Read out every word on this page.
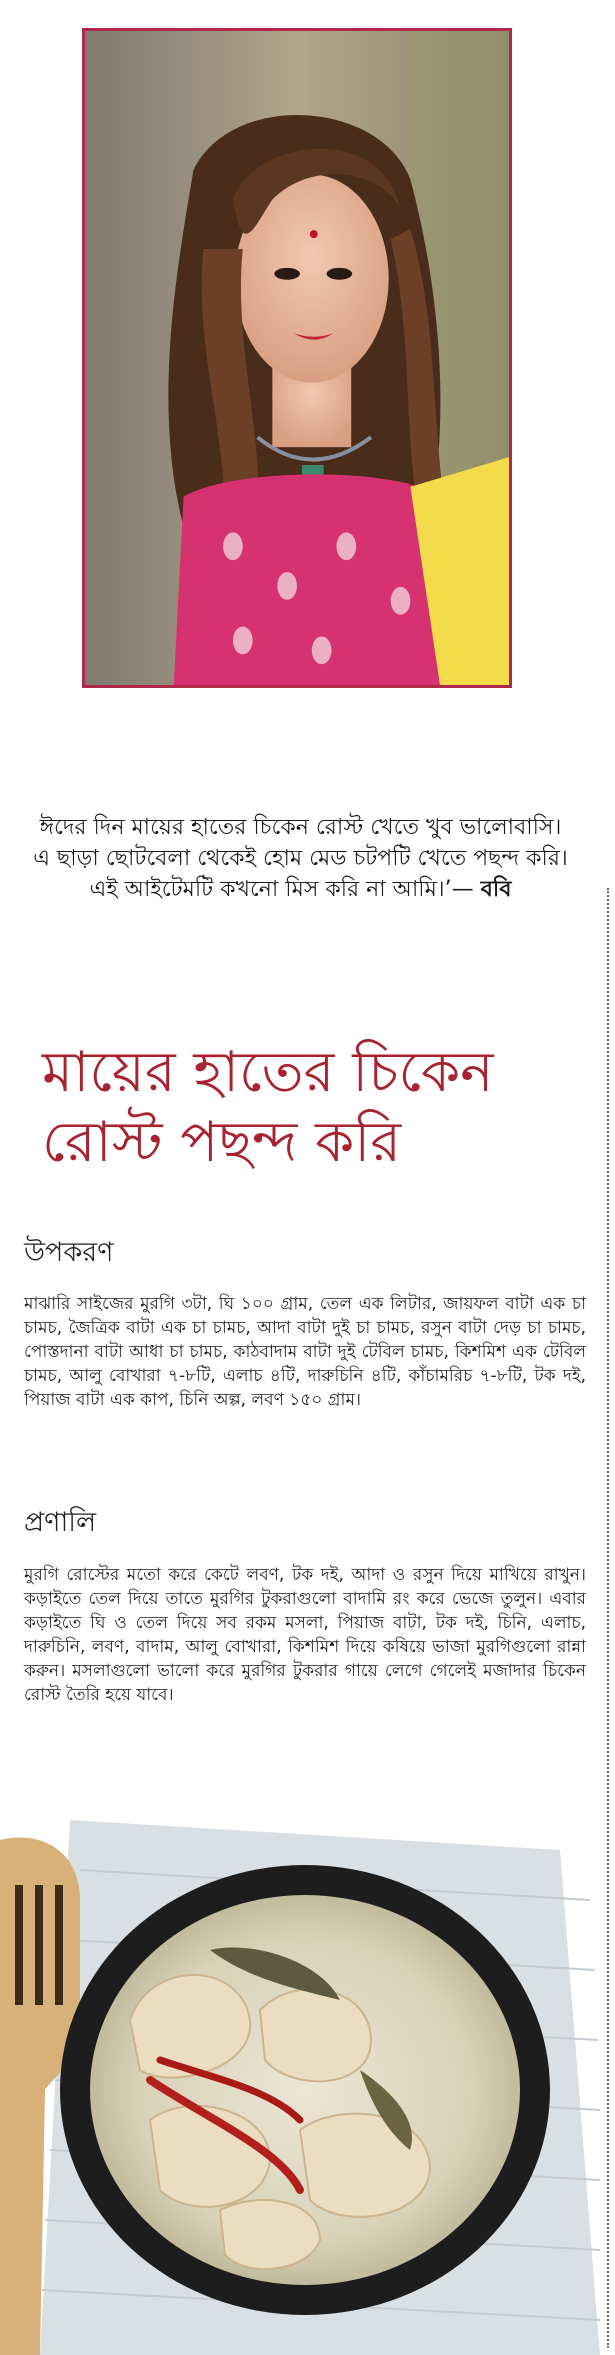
ঈদের দিন মায়ের হাতের চিকেন রোস্ট খেতে খুব ভালোবাসি। এ ছাড়া ছোটবেলা থেকেই হোম মেড চটপটি খেতে পছন্দ করি। এই আইটেমটি কখনো মিস করি না আমি।’— ববি

মায়ের হাতের চিকেন রোস্ট পছন্দ করি
উপকরণ

মাঝারি সাইজের মুরগি ৩টা, ঘি ১০০ গ্রাম, তেল এক লিটার, জায়ফল বাটা এক চা চামচ, জৈত্রিক বাটা এক চা চামচ, আদা বাটা দুই চা চামচ, রসুন বাটা দেড় চা চামচ, পোস্তদানা বাটা আধা চা চামচ, কাঠবাদাম বাটা দুই টেবিল চামচ, কিশমিশ এক টেবিল চামচ, আলু বোখারা ৭-৮টি, এলাচ ৪টি, দারুচিনি ৪টি, কাঁচামরিচ ৭-৮টি, টক দই, পিয়াজ বাটা এক কাপ, চিনি অল্প, লবণ ১৫০ গ্রাম।

প্রণালি

মুরগি রোস্টের মতো করে কেটে লবণ, টক দই, আদা ও রসুন দিয়ে মাখিয়ে রাখুন। কড়াইতে তেল দিয়ে তাতে মুরগির টুকরাগুলো বাদামি রং করে ভেজে তুলুন। এবার কড়াইতে ঘি ও তেল দিয়ে সব রকম মসলা, পিয়াজ বাটা, টক দই, চিনি, এলাচ, দারুচিনি, লবণ, বাদাম, আলু বোখারা, কিশমিশ দিয়ে কষিয়ে ভাজা মুরগিগুলো রান্না করুন। মসলাগুলো ভালো করে মুরগির টুকরার গায়ে লেগে গেলেই মজাদার চিকেন রোস্ট তৈরি হয়ে যাবে।
